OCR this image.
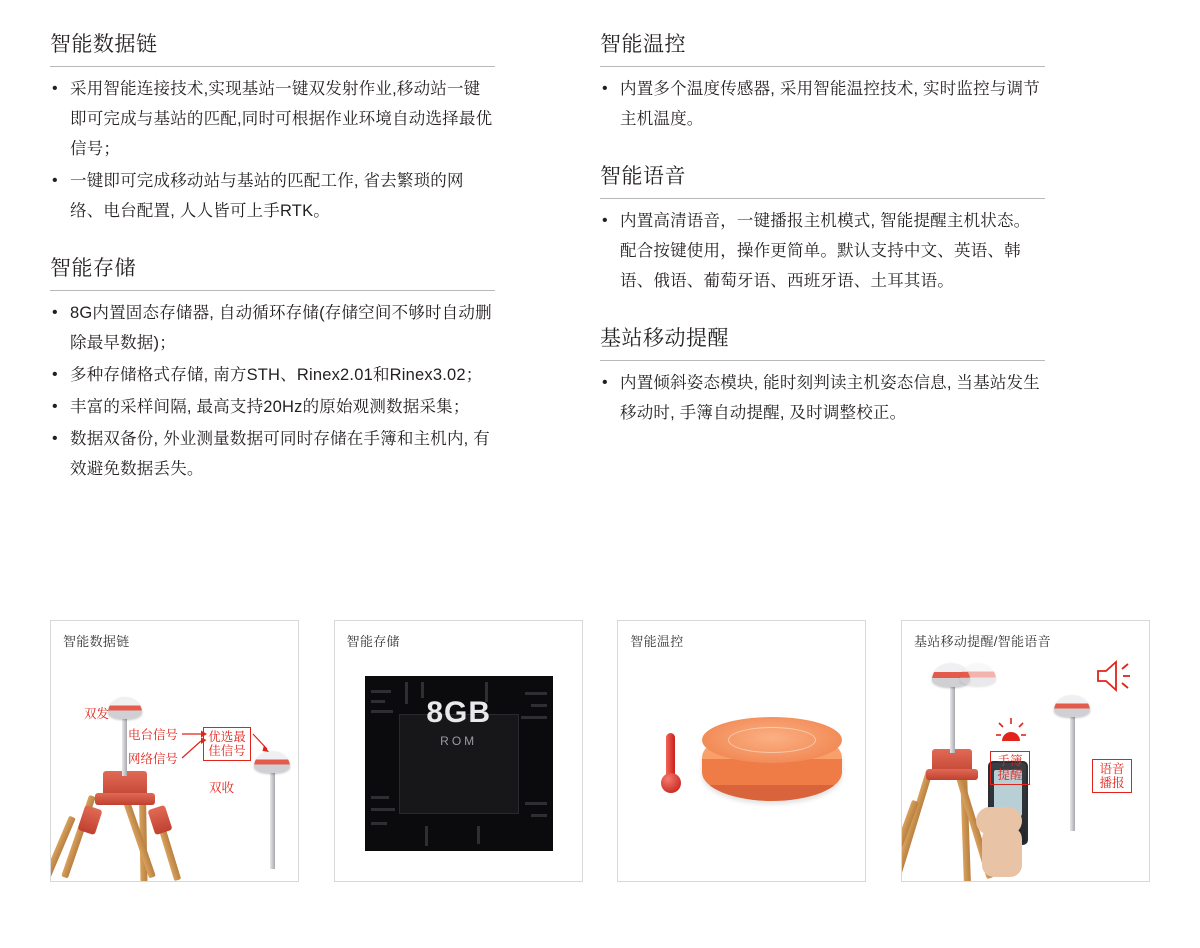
智能数据链
• 采用智能连接技术,实现基站一键双发射作业,移动站一键即可完成与基站的匹配,同时可根据作业环境自动选择最优信号；
• 一键即可完成移动站与基站的匹配工作, 省去繁琐的网络、电台配置, 人人皆可上手RTK。
智能存储
• 8G内置固态存储器, 自动循环存储(存储空间不够时自动删除最早数据)；
• 多种存储格式存储, 南方STH、Rinex2.01和Rinex3.02；
• 丰富的采样间隔, 最高支持20Hz的原始观测数据采集；
• 数据双备份, 外业测量数据可同时存储在手簿和主机内, 有效避免数据丢失。
智能温控
• 内置多个温度传感器, 采用智能温控技术, 实时监控与调节主机温度。
智能语音
• 内置高清语音，一键播报主机模式, 智能提醒主机状态。配合按键使用，操作更简单。默认支持中文、英语、韩语、俄语、葡萄牙语、西班牙语、土耳其语。
基站移动提醒
• 内置倾斜姿态模块, 能时刻判读主机姿态信息, 当基站发生移动时, 手簿自动提醒, 及时调整校正。
智能数据链
双发
电台信号
网络信号
优选最佳信号
双收
智能存储
8GB
ROM
智能温控	基站移动提醒/智能语音
手簿提醒	语音播报
